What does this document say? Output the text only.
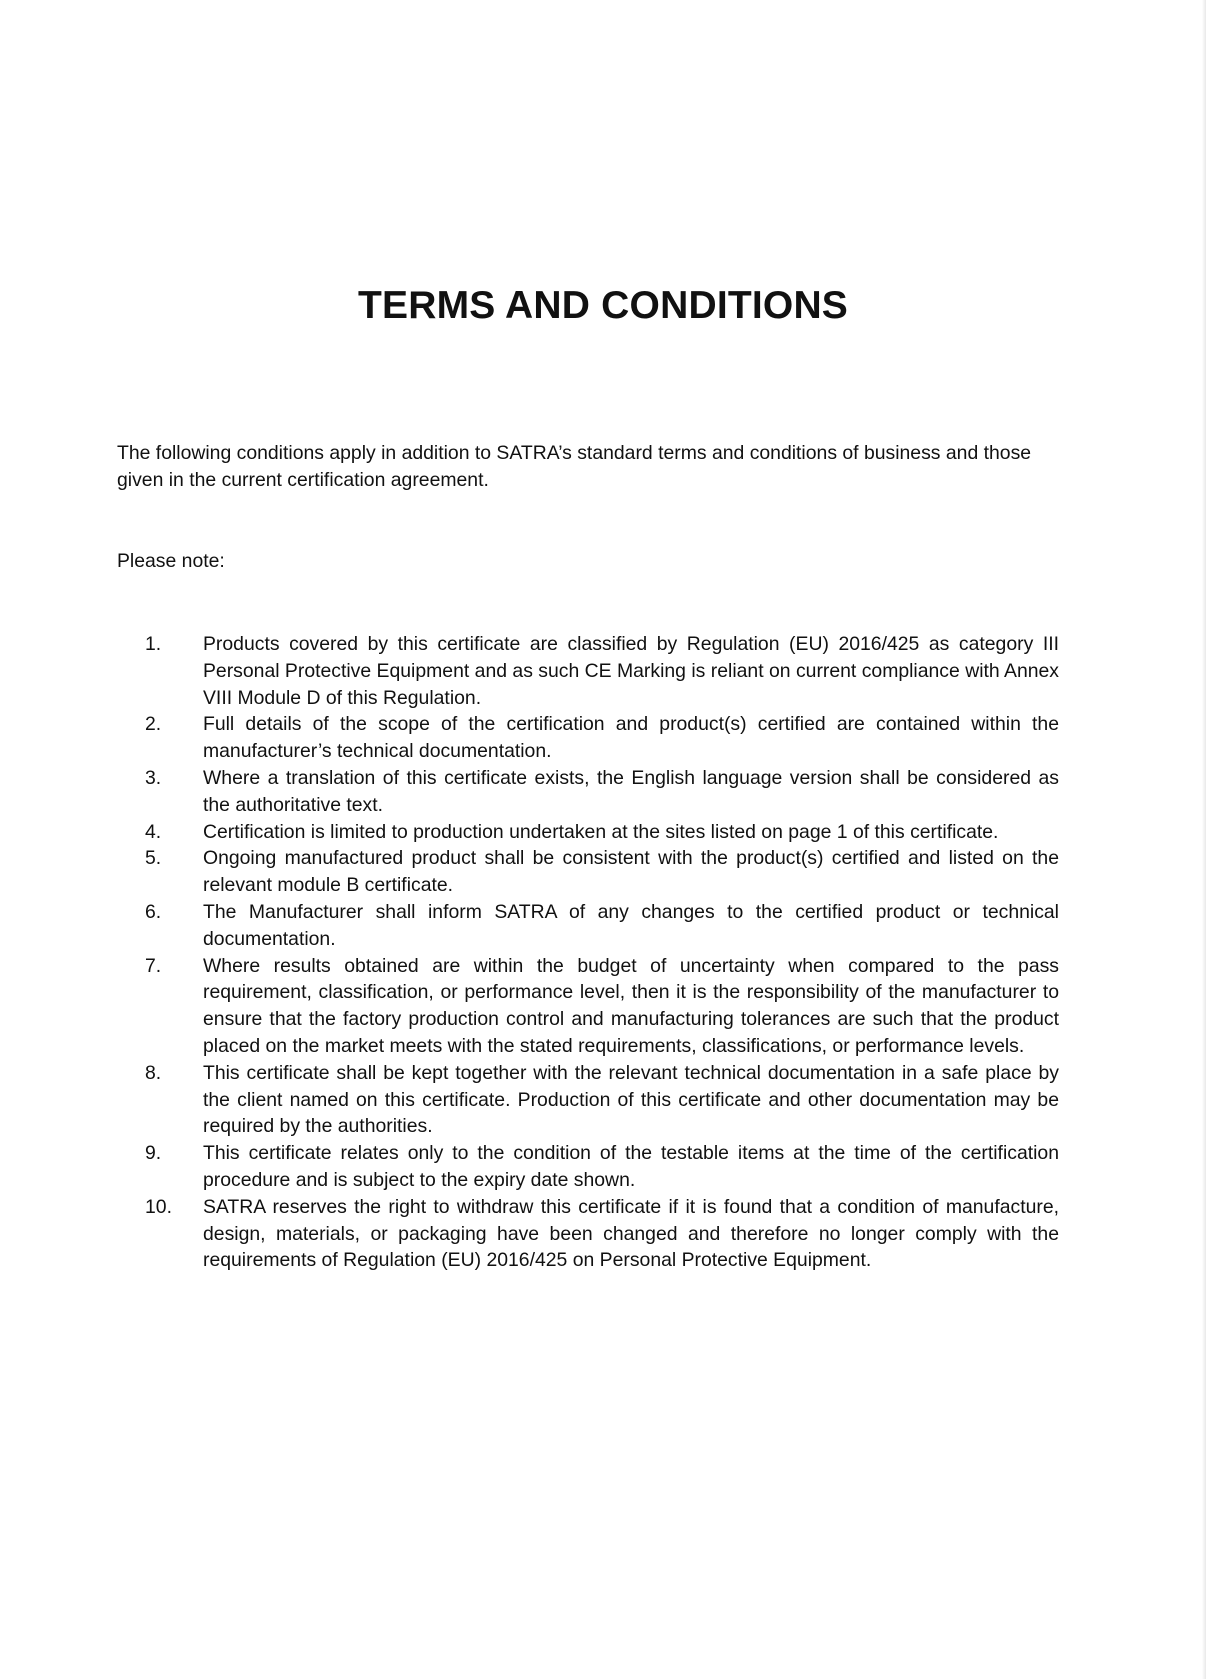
TERMS AND CONDITIONS

The following conditions apply in addition to SATRA’s standard terms and conditions of business and those given in the current certification agreement.

Please note:

1.	Products covered by this certificate are classified by Regulation (EU) 2016/425 as category III Personal Protective Equipment and as such CE Marking is reliant on current compliance with Annex VIII Module D of this Regulation.
2.	Full details of the scope of the certification and product(s) certified are contained within the manufacturer’s technical documentation.
3.	Where a translation of this certificate exists, the English language version shall be considered as the authoritative text.
4.	Certification is limited to production undertaken at the sites listed on page 1 of this certificate.
5.	Ongoing manufactured product shall be consistent with the product(s) certified and listed on the relevant module B certificate.
6.	The Manufacturer shall inform SATRA of any changes to the certified product or technical documentation.
7.	Where results obtained are within the budget of uncertainty when compared to the pass requirement, classification, or performance level, then it is the responsibility of the manufacturer to ensure that the factory production control and manufacturing tolerances are such that the product placed on the market meets with the stated requirements, classifications, or performance levels.
8.	This certificate shall be kept together with the relevant technical documentation in a safe place by the client named on this certificate. Production of this certificate and other documentation may be required by the authorities.
9.	This certificate relates only to the condition of the testable items at the time of the certification procedure and is subject to the expiry date shown.
10.	SATRA reserves the right to withdraw this certificate if it is found that a condition of manufacture, design, materials, or packaging have been changed and therefore no longer comply with the requirements of Regulation (EU) 2016/425 on Personal Protective Equipment.
